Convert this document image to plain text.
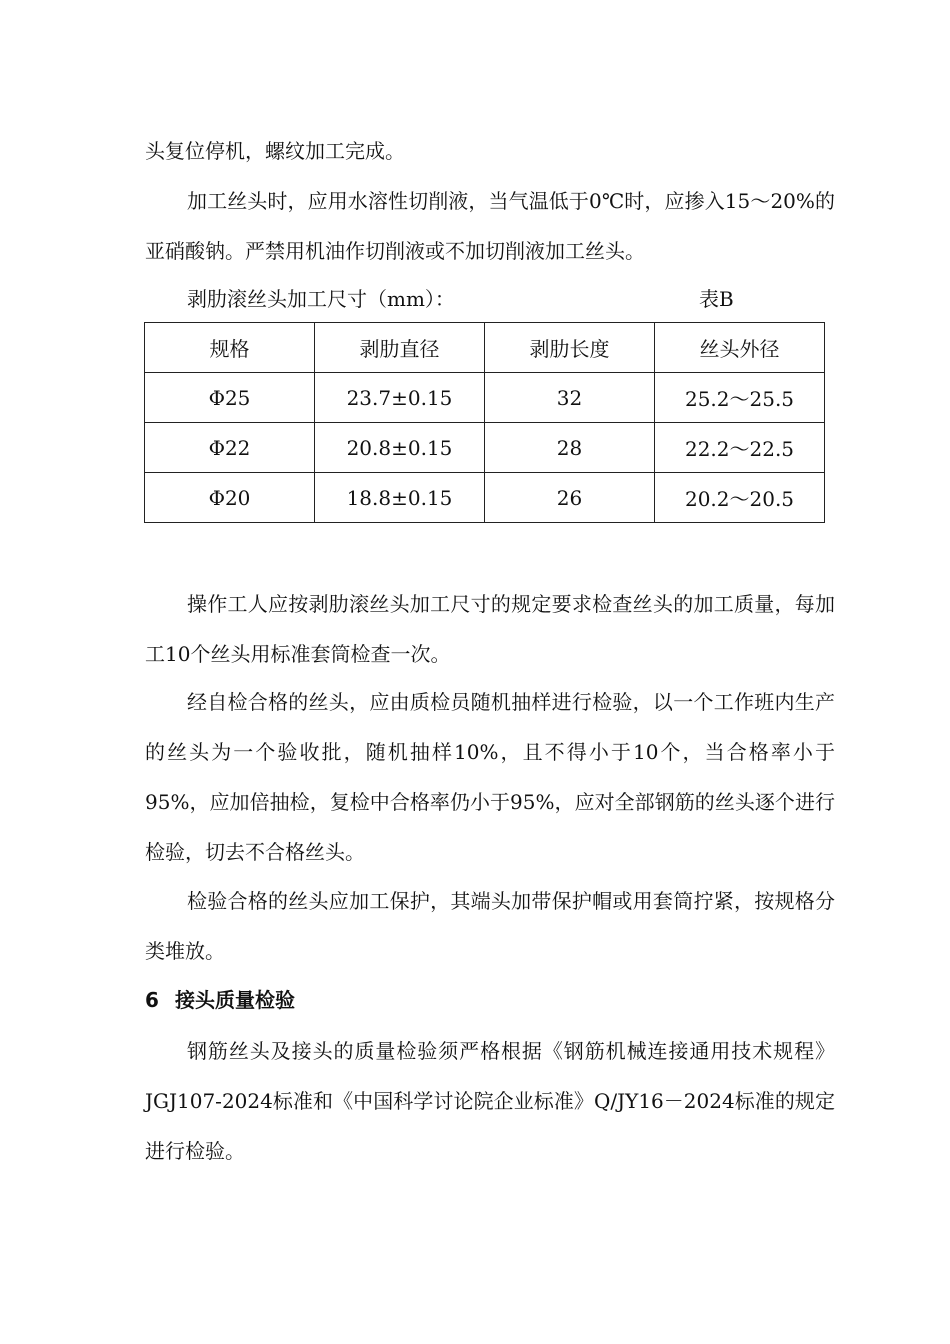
头复位停机，螺纹加工完成。

加工丝头时，应用水溶性切削液，当气温低于0℃时，应掺入15～20%的亚硝酸钠。严禁用机油作切削液或不加切削液加工丝头。

剥肋滚丝头加工尺寸（mm）：	表B
规格	剥肋直径	剥肋长度	丝头外径
Φ25	23.7±0.15	32	25.2～25.5
Φ22	20.8±0.15	28	22.2～22.5
Φ20	18.8±0.15	26	20.2～20.5

操作工人应按剥肋滚丝头加工尺寸的规定要求检查丝头的加工质量，每加工10个丝头用标准套筒检查一次。

经自检合格的丝头，应由质检员随机抽样进行检验，以一个工作班内生产的丝头为一个验收批，随机抽样10%，且不得小于10个，当合格率小于95%，应加倍抽检，复检中合格率仍小于95%，应对全部钢筋的丝头逐个进行检验，切去不合格丝头。

检验合格的丝头应加工保护，其端头加带保护帽或用套筒拧紧，按规格分类堆放。

6 接头质量检验

钢筋丝头及接头的质量检验须严格根据《钢筋机械连接通用技术规程》JGJ107-2024标准和《中国科学讨论院企业标准》Q/JY16－2024标准的规定进行检验。
